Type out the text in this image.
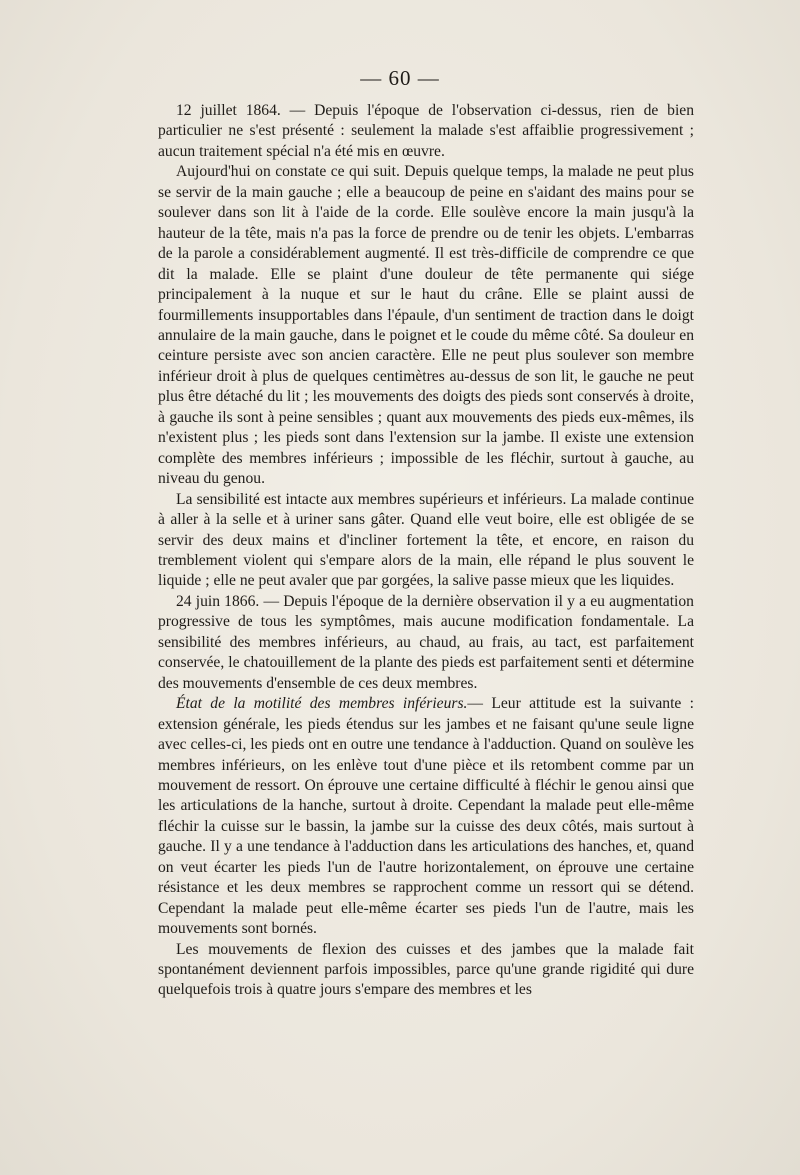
— 60 —

12 juillet 1864. — Depuis l'époque de l'observation ci-dessus, rien de bien particulier ne s'est présenté : seulement la malade s'est affaiblie progressivement ; aucun traitement spécial n'a été mis en œuvre.

Aujourd'hui on constate ce qui suit. Depuis quelque temps, la malade ne peut plus se servir de la main gauche ; elle a beaucoup de peine en s'aidant des mains pour se soulever dans son lit à l'aide de la corde. Elle soulève encore la main jusqu'à la hauteur de la tête, mais n'a pas la force de prendre ou de tenir les objets. L'embarras de la parole a considérablement augmenté. Il est très-difficile de comprendre ce que dit la malade. Elle se plaint d'une douleur de tête permanente qui siége principalement à la nuque et sur le haut du crâne. Elle se plaint aussi de fourmillements insupportables dans l'épaule, d'un sentiment de traction dans le doigt annulaire de la main gauche, dans le poignet et le coude du même côté. Sa douleur en ceinture persiste avec son ancien caractère. Elle ne peut plus soulever son membre inférieur droit à plus de quelques centimètres au-dessus de son lit, le gauche ne peut plus être détaché du lit ; les mouvements des doigts des pieds sont conservés à droite, à gauche ils sont à peine sensibles ; quant aux mouvements des pieds eux-mêmes, ils n'existent plus ; les pieds sont dans l'extension sur la jambe. Il existe une extension complète des membres inférieurs ; impossible de les fléchir, surtout à gauche, au niveau du genou.

La sensibilité est intacte aux membres supérieurs et inférieurs. La malade continue à aller à la selle et à uriner sans gâter. Quand elle veut boire, elle est obligée de se servir des deux mains et d'incliner fortement la tête, et encore, en raison du tremblement violent qui s'empare alors de la main, elle répand le plus souvent le liquide ; elle ne peut avaler que par gorgées, la salive passe mieux que les liquides.

24 juin 1866. — Depuis l'époque de la dernière observation il y a eu augmentation progressive de tous les symptômes, mais aucune modification fondamentale. La sensibilité des membres inférieurs, au chaud, au frais, au tact, est parfaitement conservée, le chatouillement de la plante des pieds est parfaitement senti et détermine des mouvements d'ensemble de ces deux membres.

État de la motilité des membres inférieurs.— Leur attitude est la suivante : extension générale, les pieds étendus sur les jambes et ne faisant qu'une seule ligne avec celles-ci, les pieds ont en outre une tendance à l'adduction. Quand on soulève les membres inférieurs, on les enlève tout d'une pièce et ils retombent comme par un mouvement de ressort. On éprouve une certaine difficulté à fléchir le genou ainsi que les articulations de la hanche, surtout à droite. Cependant la malade peut elle-même fléchir la cuisse sur le bassin, la jambe sur la cuisse des deux côtés, mais surtout à gauche. Il y a une tendance à l'adduction dans les articulations des hanches, et, quand on veut écarter les pieds l'un de l'autre horizontalement, on éprouve une certaine résistance et les deux membres se rapprochent comme un ressort qui se détend. Cependant la malade peut elle-même écarter ses pieds l'un de l'autre, mais les mouvements sont bornés.

Les mouvements de flexion des cuisses et des jambes que la malade fait spontanément deviennent parfois impossibles, parce qu'une grande rigidité qui dure quelquefois trois à quatre jours s'empare des membres et les
